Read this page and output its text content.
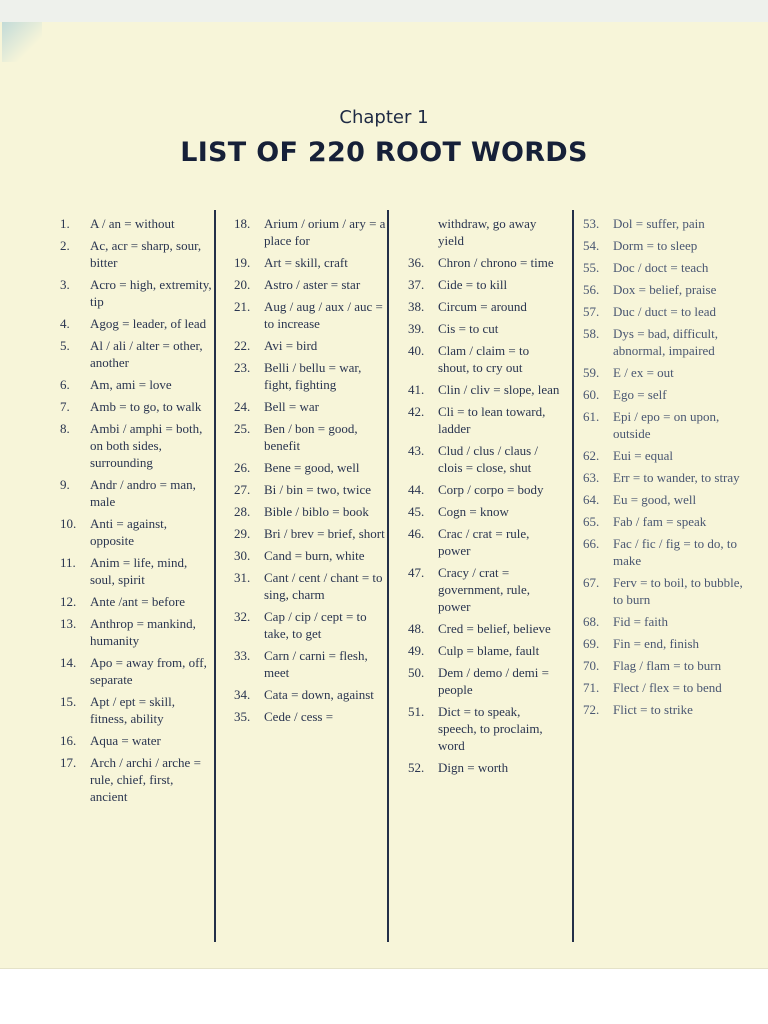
Chapter 1
LIST OF 220 ROOT WORDS
1.	A / an = without
2.	Ac, acr = sharp, sour, bitter
3.	Acro = high, extremity, tip
4.	Agog = leader, of lead
5.	Al / ali / alter = other, another
6.	Am, ami = love
7.	Amb = to go, to walk
8.	Ambi / amphi = both, on both sides, surrounding
9.	Andr / andro = man, male
10.	Anti = against, opposite
11.	Anim = life, mind, soul, spirit
12.	Ante /ant = before
13.	Anthrop = mankind, humanity
14.	Apo = away from, off, separate
15.	Apt / ept = skill, fitness, ability
16.	Aqua = water
17.	Arch / archi / arche = rule, chief, first, ancient
18.	Arium / orium / ary = a place for
19.	Art = skill, craft
20.	Astro / aster = star
21.	Aug / aug / aux / auc = to increase
22.	Avi = bird
23.	Belli / bellu = war, fight, fighting
24.	Bell = war
25.	Ben / bon = good, benefit
26.	Bene = good, well
27.	Bi / bin = two, twice
28.	Bible / biblo = book
29.	Bri / brev = brief, short
30.	Cand = burn, white
31.	Cant / cent / chant = to sing, charm
32.	Cap / cip / cept = to take, to get
33.	Carn / carni = flesh, meet
34.	Cata = down, against
35.	Cede / cess =
withdraw, go away yield
36.	Chron / chrono = time
37.	Cide = to kill
38.	Circum = around
39.	Cis = to cut
40.	Clam / claim = to shout, to cry out
41.	Clin / cliv = slope, lean
42.	Cli = to lean toward, ladder
43.	Clud / clus / claus / clois = close, shut
44.	Corp / corpo = body
45.	Cogn = know
46.	Crac / crat = rule, power
47.	Cracy / crat = government, rule, power
48.	Cred = belief, believe
49.	Culp = blame, fault
50.	Dem / demo / demi = people
51.	Dict = to speak, speech, to proclaim, word
52.	Dign = worth
53.	Dol = suffer, pain
54.	Dorm = to sleep
55.	Doc / doct = teach
56.	Dox = belief, praise
57.	Duc / duct = to lead
58.	Dys = bad, difficult, abnormal, impaired
59.	E / ex = out
60.	Ego = self
61.	Epi / epo = on upon, outside
62.	Eui = equal
63.	Err = to wander, to stray
64.	Eu = good, well
65.	Fab / fam = speak
66.	Fac / fic / fig = to do, to make
67.	Ferv = to boil, to bubble, to burn
68.	Fid = faith
69.	Fin = end, finish
70.	Flag / flam = to burn
71.	Flect / flex = to bend
72.	Flict = to strike
